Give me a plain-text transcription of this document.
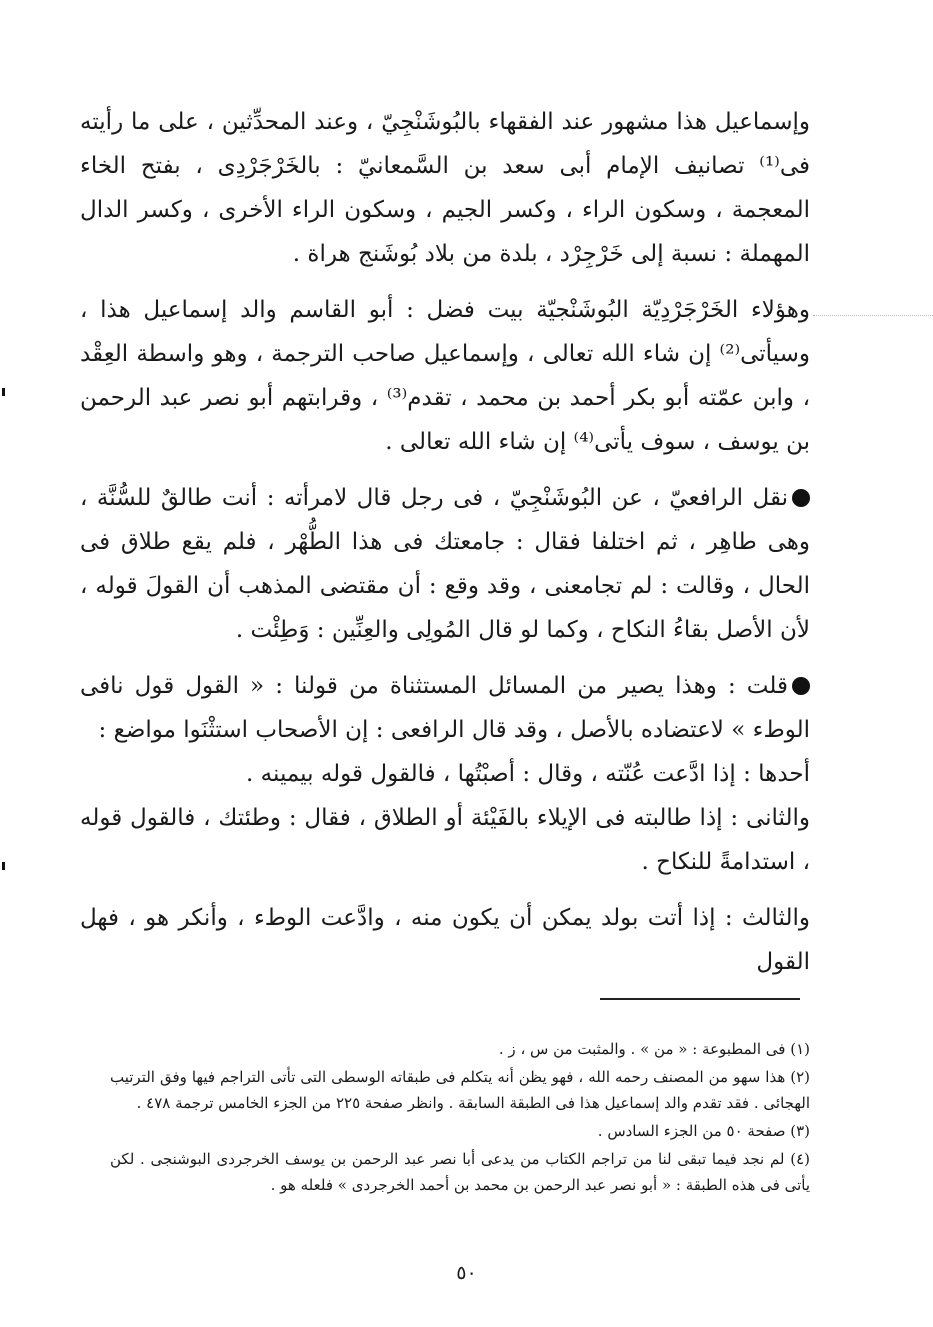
وإسماعيل هذا مشهور عند الفقهاء بالبُوشَنْجِيّ ، وعند المحدِّثين ، على ما رأيته فى⁽¹⁾ تصانيف الإمام أبى سعد بن السَّمعانيّ : بالخَرْجَرْدِى ، بفتح الخاء المعجمة ، وسكون الراء ، وكسر الجيم ، وسكون الراء الأخرى ، وكسر الدال المهملة : نسبة إلى خَرْجِرْد ، بلدة من بلاد بُوشَنج هراة .

وهؤلاء الخَرْجَرْدِيّة البُوشَنْجيّة بيت فضل : أبو القاسم والد إسماعيل هذا ، وسيأتى⁽²⁾ إن شاء الله تعالى ، وإسماعيل صاحب الترجمة ، وهو واسطة العِقْد ، وابن عمّته أبو بكر أحمد بن محمد ، تقدم⁽³⁾ ، وقرابتهم أبو نصر عبد الرحمن بن يوسف ، سوف يأتى⁽⁴⁾ إن شاء الله تعالى .

نقل الرافعيّ ، عن البُوشَنْجِيّ ، فى رجل قال لامرأته : أنت طالقٌ للسُّنَّة ، وهى طاهِر ، ثم اختلفا فقال : جامعتك فى هذا الطُّهْر ، فلم يقع طلاق فى الحال ، وقالت : لم تجامعنى ، وقد وقع : أن مقتضى المذهب أن القولَ قوله ، لأن الأصل بقاءُ النكاح ، وكما لو قال المُولِى والعِنِّين : وَطِئْت .

قلت : وهذا يصير من المسائل المستثناة من قولنا : « القول قول نافى الوطء » لاعتضاده بالأصل ، وقد قال الرافعى : إن الأصحاب استثْنَوا مواضع :

أحدها : إذا ادَّعت عُنّته ، وقال : أصبْتُها ، فالقول قوله بيمينه .

والثانى : إذا طالبته فى الإيلاء بالفَيْئة أو الطلاق ، فقال : وطئتك ، فالقول قوله ، استدامةً للنكاح .

والثالث : إذا أتت بولد يمكن أن يكون منه ، وادَّعت الوطء ، وأنكر هو ، فهل القول

(١) فى المطبوعة : « من » . والمثبت من س ، ز .

(٢) هذا سهو من المصنف رحمه الله ، فهو يظن أنه يتكلم فى طبقاته الوسطى التى تأتى التراجم فيها وفق الترتيب الهجائى . فقد تقدم والد إسماعيل هذا فى الطبقة السابقة . وانظر صفحة ٢٢٥ من الجزء الخامس ترجمة ٤٧٨ .

(٣) صفحة ٥٠ من الجزء السادس .

(٤) لم نجد فيما تبقى لنا من تراجم الكتاب من يدعى أبا نصر عبد الرحمن بن يوسف الخرجردى البوشنجى . لكن يأتى فى هذه الطبقة : « أبو نصر عبد الرحمن بن محمد بن أحمد الخرجردى » فلعله هو .

٥٠
